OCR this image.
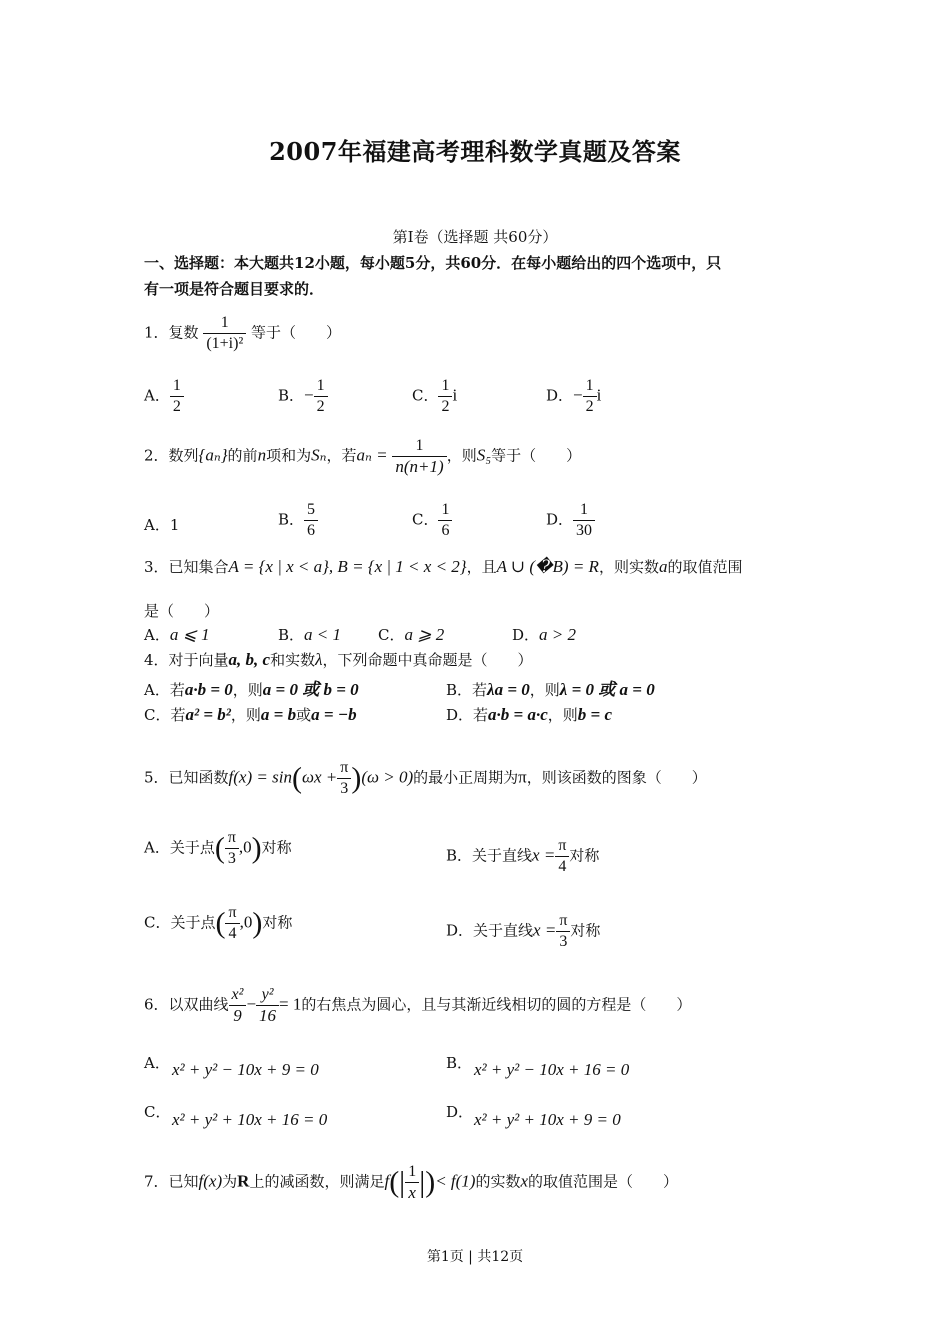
2007年福建高考理科数学真题及答案
第Ⅰ卷（选择题 共60分）
一、选择题：本大题共12小题，每小题5分，共60分．在每小题给出的四个选项中，只
有一项是符合题目要求的．
1．复数 $\frac{1}{\text{(1+i)²}}$ 等于（　　）
A． $\frac{1}{2}$	B．− $\frac{1}{2}$	C． $\frac{1}{2}$ i	D．− $\frac{1}{2}$ i
2．数列{aₙ}的前n项和为Sₙ，若$a_n = \frac{1}{n(n+1)}$ ，则S₅等于（　　）
A．1	B． $\frac{5}{6}$	C． $\frac{1}{6}$	D． $\frac{1}{30}$
3．已知集合A = {x | x < a}, B = {x | 1 < x < 2}，且A ∪ (�B) = R，则实数a的取值范围
是（　　）
A．a ⩽ 1	B．a < 1 C．a ⩾ 2	D．a > 2
4．对于向量a, b, c和实数λ，下列命题中真命题是（　　）
A．若a·b = 0，则a = 0 或 b = 0	B．若λa = 0，则λ = 0 或 a = 0
C．若a² = b²，则a = b或a = −b	D．若a·b = a·c，则b = c
5．已知函数$f(x) = \sin(\omega x + \frac{\pi}{3} )(\omega > 0)$的最小正周期为π，则该函数的图象（　　）
A．关于点( $\frac{\pi}{3} ,0$)对称	B．关于直线$x = \frac{\pi}{4}$ 对称
C．关于点( $\frac{\pi}{4} ,0$)对称	D．关于直线$x = \frac{\pi}{3}$ 对称
6．以双曲线 $\frac{\text{x²}}{9} - \frac{\text{y²}}{16} = 1$的右焦点为圆心，且与其渐近线相切的圆的方程是（　　）
A． x² + y² − 10x + 9 = 0	B． x² + y² − 10x + 16 = 0
C． x² + y² + 10x + 16 = 0	D． x² + y² + 10x + 9 = 0
7．已知f(x)为R上的减函数，则满足$f(| \frac{1}{x}$ |)< f(1)的实数x的取值范围是（　　）
第1页 | 共12页
